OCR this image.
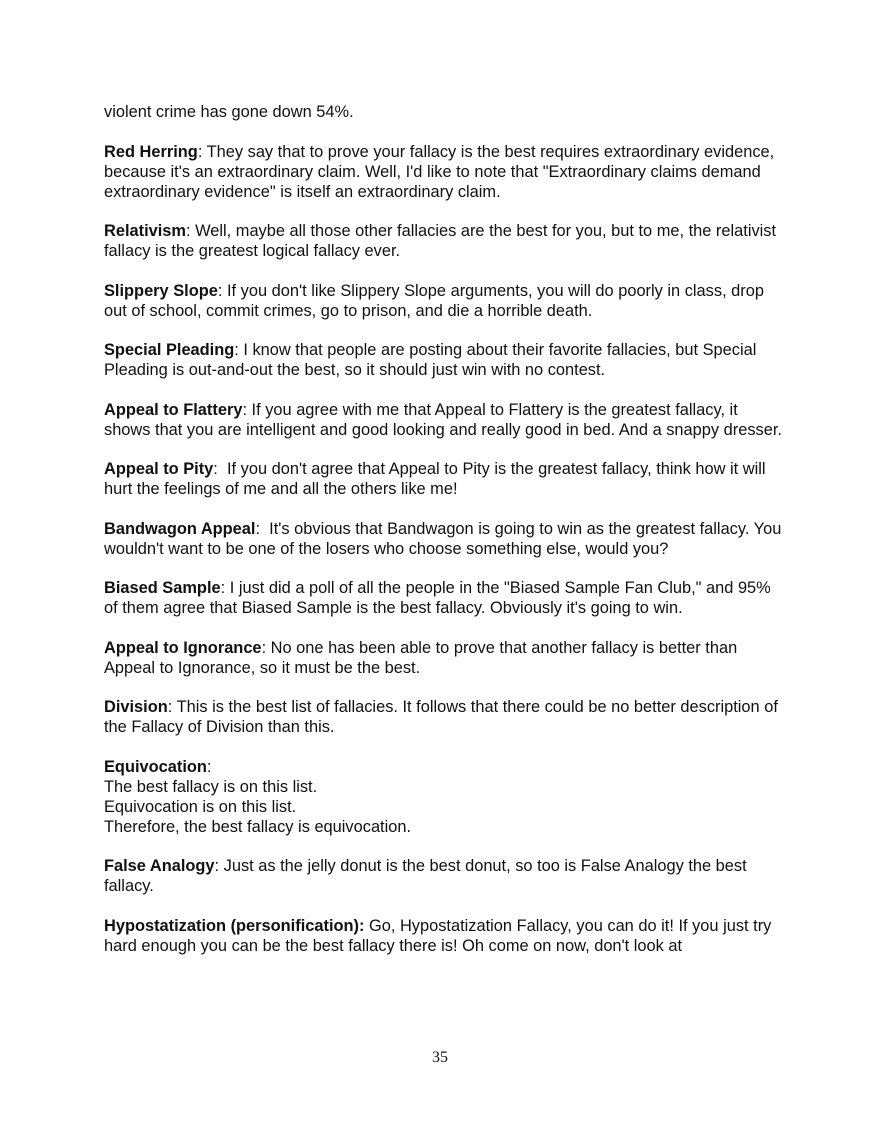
violent crime has gone down 54%.

Red Herring: They say that to prove your fallacy is the best requires extraordinary evidence, because it's an extraordinary claim. Well, I'd like to note that "Extraordinary claims demand extraordinary evidence" is itself an extraordinary claim.

Relativism: Well, maybe all those other fallacies are the best for you, but to me, the relativist fallacy is the greatest logical fallacy ever.

Slippery Slope: If you don't like Slippery Slope arguments, you will do poorly in class, drop out of school, commit crimes, go to prison, and die a horrible death.

Special Pleading: I know that people are posting about their favorite fallacies, but Special Pleading is out-and-out the best, so it should just win with no contest.

Appeal to Flattery: If you agree with me that Appeal to Flattery is the greatest fallacy, it shows that you are intelligent and good looking and really good in bed. And a snappy dresser.

Appeal to Pity:  If you don't agree that Appeal to Pity is the greatest fallacy, think how it will hurt the feelings of me and all the others like me!

Bandwagon Appeal:  It's obvious that Bandwagon is going to win as the greatest fallacy. You wouldn't want to be one of the losers who choose something else, would you?

Biased Sample: I just did a poll of all the people in the "Biased Sample Fan Club," and 95% of them agree that Biased Sample is the best fallacy. Obviously it's going to win.

Appeal to Ignorance: No one has been able to prove that another fallacy is better than Appeal to Ignorance, so it must be the best.

Division: This is the best list of fallacies. It follows that there could be no better description of the Fallacy of Division than this.

Equivocation:
The best fallacy is on this list.
Equivocation is on this list.
Therefore, the best fallacy is equivocation.

False Analogy: Just as the jelly donut is the best donut, so too is False Analogy the best fallacy.

Hypostatization (personification): Go, Hypostatization Fallacy, you can do it! If you just try hard enough you can be the best fallacy there is! Oh come on now, don't look at

35
